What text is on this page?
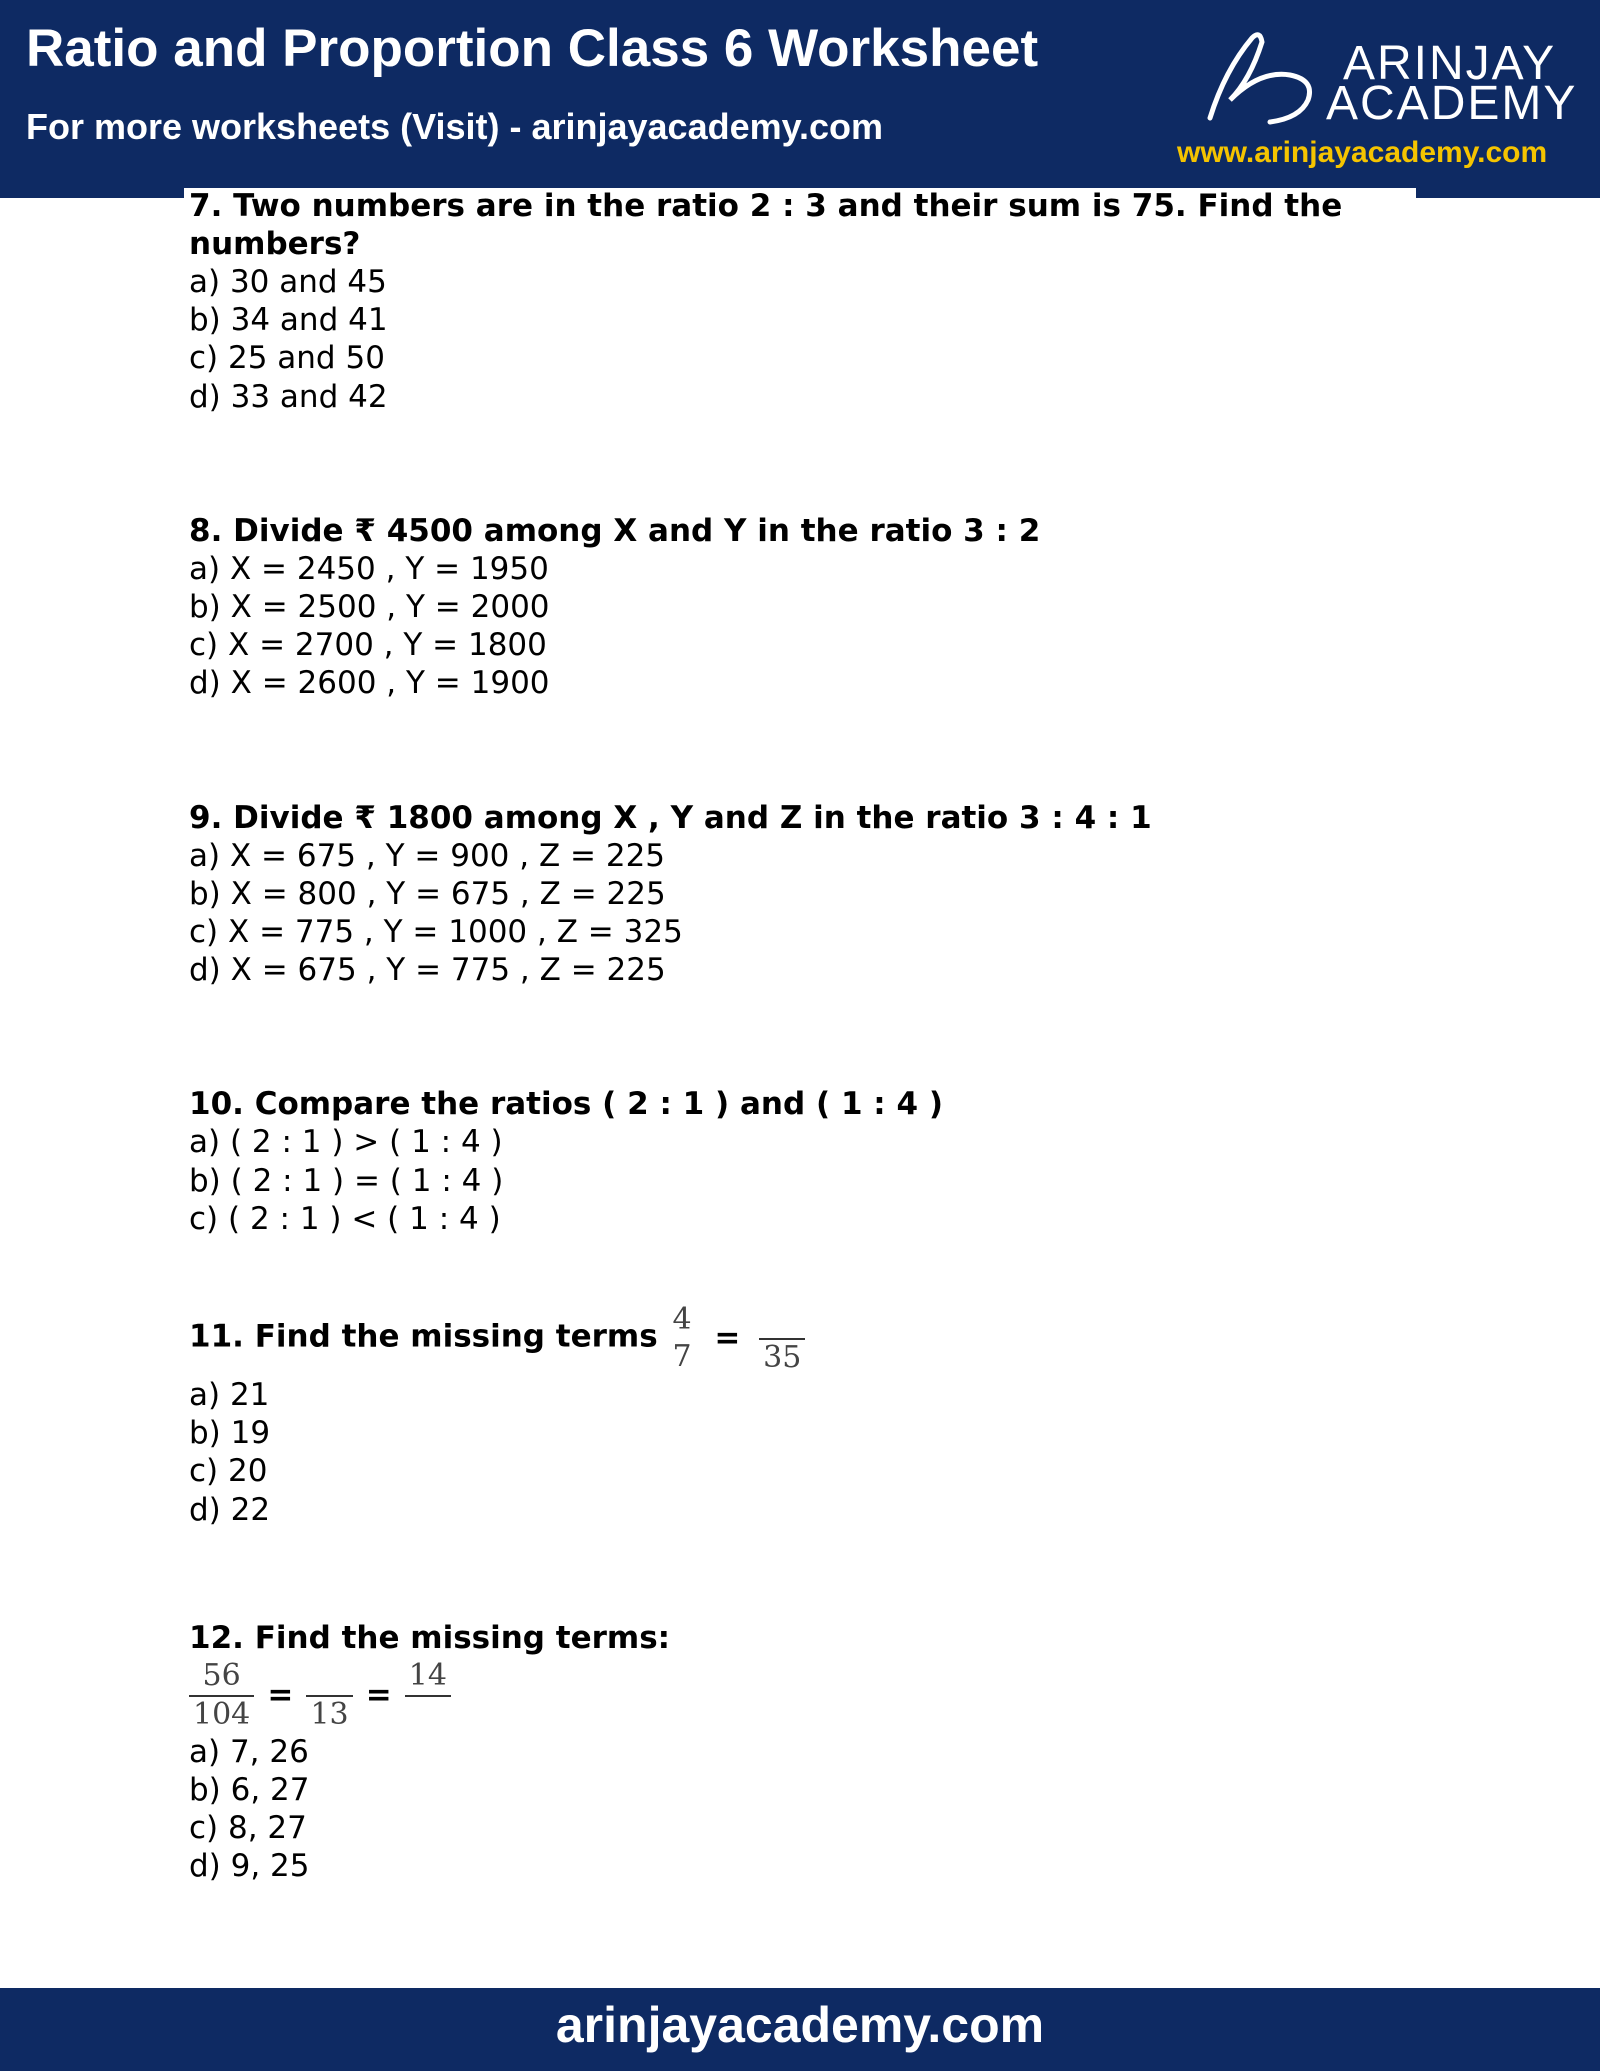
Ratio and Proportion Class 6 Worksheet
For more worksheets (Visit) - arinjayacademy.com
ARINJAY
ACADEMY
www.arinjayacademy.com

7. Two numbers are in the ratio 2 : 3 and their sum is 75. Find the numbers?

a) 30 and 45

b) 34 and 41

c) 25 and 50

d) 33 and 42

8. Divide ₹ 4500 among X and Y in the ratio 3 : 2

a) X = 2450 , Y = 1950

b) X = 2500 , Y = 2000

c) X = 2700 , Y = 1800

d) X = 2600 , Y = 1900

9. Divide ₹ 1800 among X , Y and Z in the ratio 3 : 4 : 1

a) X = 675 , Y = 900 , Z = 225

b) X = 800 , Y = 675 , Z = 225

c) X = 775 , Y = 1000 , Z = 325

d) X = 675 , Y = 775 , Z = 225

10. Compare the ratios ( 2 : 1 ) and ( 1 : 4 )

a) ( 2 : 1 ) > ( 1 : 4 )

b) ( 2 : 1 ) = ( 1 : 4 )

c) ( 2 : 1 ) < ( 1 : 4 )

11. Find the missing terms 4
7
=

35

a) 21

b) 19

c) 20

d) 22

12. Find the missing terms:

$\frac{56}{104}$ =

13
=
14

a) 7, 26

b) 6, 27

c) 8, 27

d) 9, 25

arinjayacademy.com
